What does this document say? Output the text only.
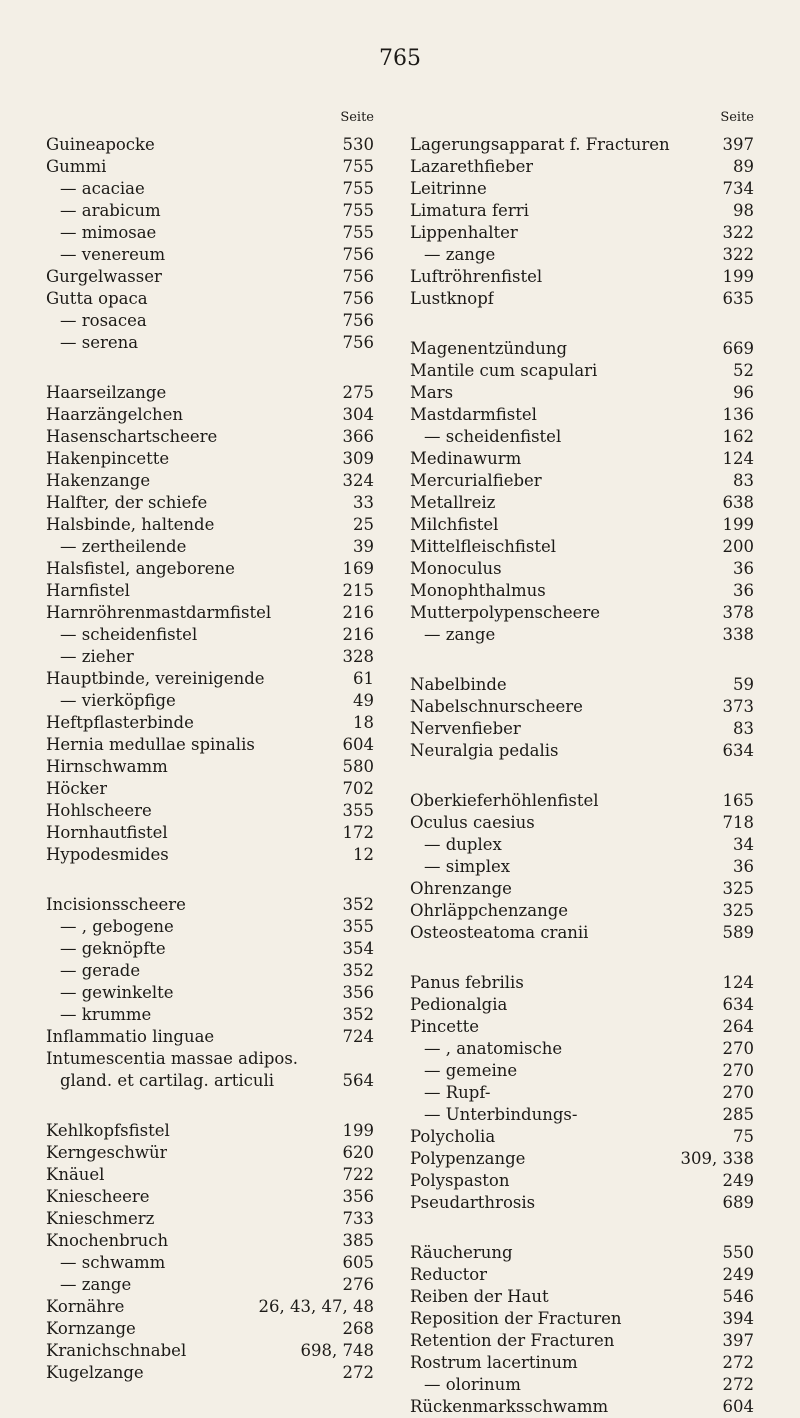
765
Seite
Guineapocke	530
Gummi	755
— acaciae	755
— arabicum	755
— mimosae	755
— venereum	756
Gurgelwasser	756
Gutta opaca	756
— rosacea	756
— serena	756
Haarseilzange	275
Haarzängelchen	304
Hasenschartscheere	366
Hakenpincette	309
Hakenzange	324
Halfter, der schiefe	33
Halsbinde, haltende	25
— zertheilende	39
Halsfistel, angeborene	169
Harnfistel	215
Harnröhrenmastdarmfistel	216
— scheidenfistel	216
— zieher	328
Hauptbinde, vereinigende	61
— vierköpfige	49
Heftpflasterbinde	18
Hernia medullae spinalis	604
Hirnschwamm	580
Höcker	702
Hohlscheere	355
Hornhautfistel	172
Hypodesmides	12
Incisionsscheere	352
— , gebogene	355
— geknöpfte	354
— gerade	352
— gewinkelte	356
— krumme	352
Inflammatio linguae	724
Intumescentia massae adipos.
gland. et cartilag. articuli	564
Kehlkopfsfistel	199
Kerngeschwür	620
Knäuel	722
Kniescheere	356
Knieschmerz	733
Knochenbruch	385
— schwamm	605
— zange	276
Kornähre	26, 43, 47, 48
Kornzange	268
Kranichschnabel	698, 748
Kugelzange	272
Seite
Lagerungsapparat f. Fracturen	397
Lazarethfieber	89
Leitrinne	734
Limatura ferri	98
Lippenhalter	322
— zange	322
Luftröhrenfistel	199
Lustknopf	635
Magenentzündung	669
Mantile cum scapulari	52
Mars	96
Mastdarmfistel	136
— scheidenfistel	162
Medinawurm	124
Mercurialfieber	83
Metallreiz	638
Milchfistel	199
Mittelfleischfistel	200
Monoculus	36
Monophthalmus	36
Mutterpolypenscheere	378
— zange	338
Nabelbinde	59
Nabelschnurscheere	373
Nervenfieber	83
Neuralgia pedalis	634
Oberkieferhöhlenfistel	165
Oculus caesius	718
— duplex	34
— simplex	36
Ohrenzange	325
Ohrläppchenzange	325
Osteosteatoma cranii	589
Panus febrilis	124
Pedionalgia	634
Pincette	264
— , anatomische	270
— gemeine	270
— Rupf-	270
— Unterbindungs-	285
Polycholia	75
Polypenzange	309, 338
Polyspaston	249
Pseudarthrosis	689
Räucherung	550
Reductor	249
Reiben der Haut	546
Reposition der Fracturen	394
Retention der Fracturen	397
Rostrum lacertinum	272
— olorinum	272
Rückenmarksschwamm	604
